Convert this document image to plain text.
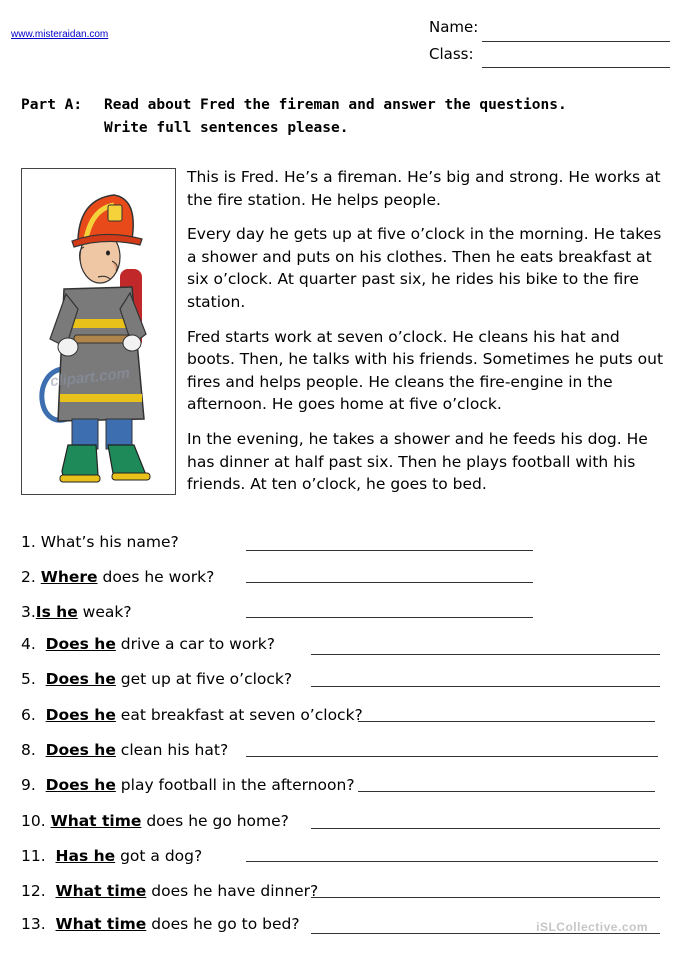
www.misteraidan.com	Name:
Class:
Part A: Read about Fred the fireman and answer the questions.
Write full sentences please.
clipart.com

This is Fred. He’s a fireman. He’s big and strong. He works at the fire station. He helps people.

Every day he gets up at five o’clock in the morning. He takes a shower and puts on his clothes. Then he eats breakfast at six o’clock. At quarter past six, he rides his bike to the fire station.

Fred starts work at seven o’clock. He cleans his hat and boots. Then, he talks with his friends. Sometimes he puts out fires and helps people. He cleans the fire-engine in the afternoon. He goes home at five o’clock.

In the evening, he takes a shower and he feeds his dog. He has dinner at half past six. Then he plays football with his friends. At ten o’clock, he goes to bed.

1. What’s his name?
2. Where does he work?
3.Is he weak?
4. Does he drive a car to work?
5. Does he get up at five o’clock?
6. Does he eat breakfast at seven o’clock?
8. Does he clean his hat?
9. Does he play football in the afternoon?
10. What time does he go home?
11. Has he got a dog?
12. What time does he have dinner?
13. What time does he go to bed?	iSLCollective.com
